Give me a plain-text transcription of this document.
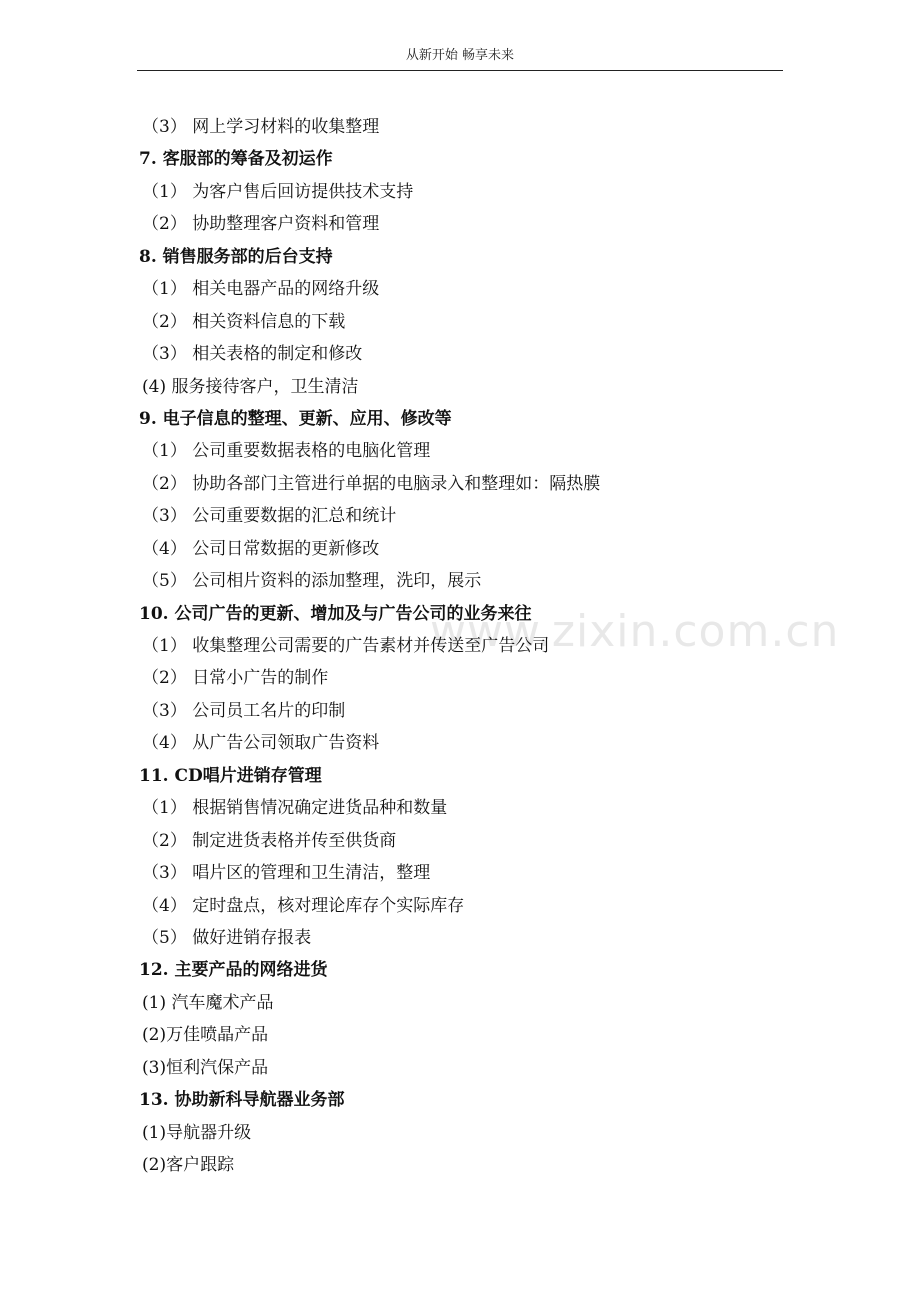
从新开始 畅享未来
www.zixin.com.cn
（3） 网上学习材料的收集整理
7. 客服部的筹备及初运作
（1） 为客户售后回访提供技术支持
（2） 协助整理客户资料和管理
8. 销售服务部的后台支持
（1） 相关电器产品的网络升级
（2） 相关资料信息的下载
（3） 相关表格的制定和修改
(4) 服务接待客户，卫生清洁
9. 电子信息的整理、更新、应用、修改等
（1） 公司重要数据表格的电脑化管理
（2） 协助各部门主管进行单据的电脑录入和整理如：隔热膜
（3） 公司重要数据的汇总和统计
（4） 公司日常数据的更新修改
（5） 公司相片资料的添加整理，洗印，展示
10. 公司广告的更新、增加及与广告公司的业务来往
（1） 收集整理公司需要的广告素材并传送至广告公司
（2） 日常小广告的制作
（3） 公司员工名片的印制
（4） 从广告公司领取广告资料
11. CD唱片进销存管理
（1） 根据销售情况确定进货品种和数量
（2） 制定进货表格并传至供货商
（3） 唱片区的管理和卫生清洁，整理
（4） 定时盘点，核对理论库存个实际库存
（5） 做好进销存报表
12. 主要产品的网络进货
(1) 汽车魔术产品
(2)万佳喷晶产品
(3)恒利汽保产品
13. 协助新科导航器业务部
(1)导航器升级
(2)客户跟踪
